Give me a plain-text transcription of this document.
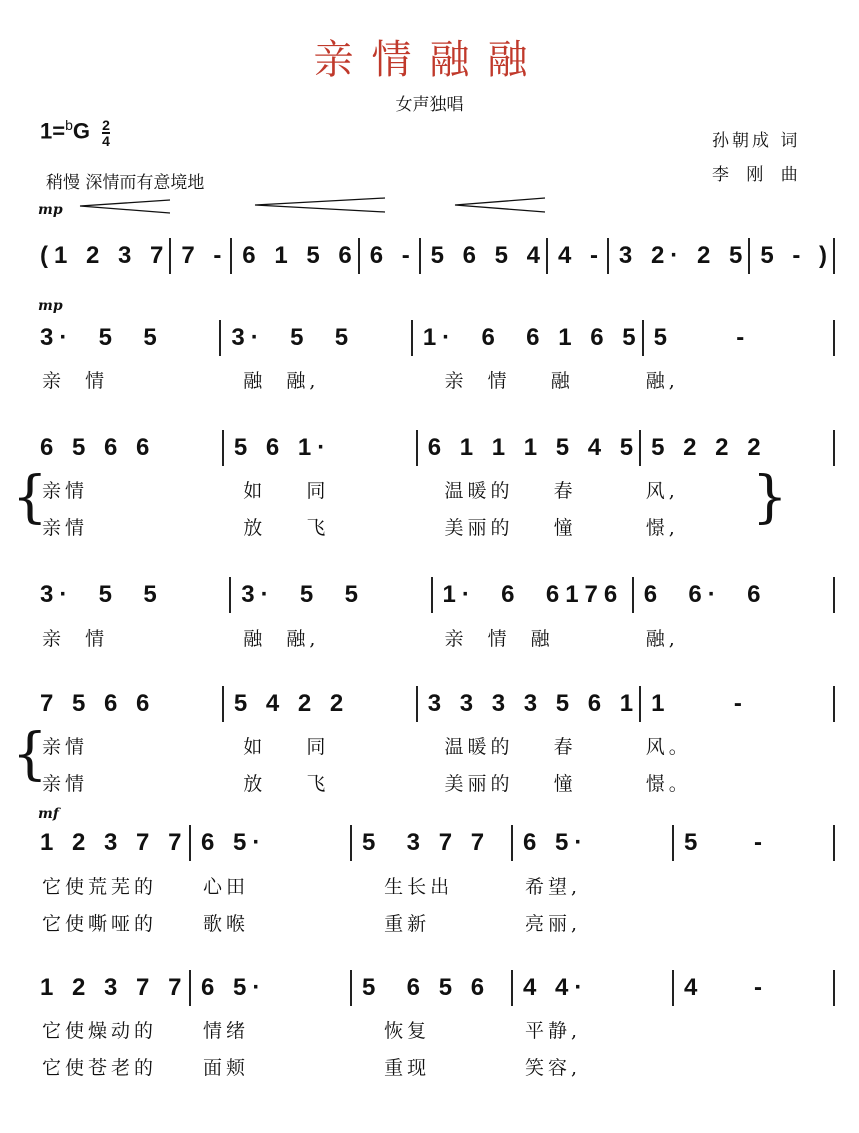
亲情融融
女声独唱
$1=^bG \frac{2}{4}$	孙朝成 词
李 刚 曲
稍慢 深情而有意境地
mp
mp
mf
{	}
{
(1 2 3 7 7 - 6 1 5 6 6 - 5 6 5 4 4 - 3 2· 2 5 5 - )
3·  5  5	3·  5  5	1·  6  6 1 6 5 5     -
亲  情	融  融,	亲  情    融	融,
6 5 6 6	5 6 1·	6 1 1 1 5 4 5 5 2 2 2
亲情	如    同	温暖的    春	风,
亲情	放    飞	美丽的    憧	憬,
3·  5  5	3·  5  5	1·  6  6176 6  6·  6
亲  情	融  融,	亲  情  融	融,
7 5 6 6	5 4 2 2	3 3 3 3 5 6 1 1     -
亲情	如    同	温暖的    春	风。
亲情	放    飞	美丽的    憧	憬。
1 2 3 7 7 6 5·	5  3 7 7 6 5·	5    -
它使荒芜的	心田	生长出	希望,
它使嘶哑的	歌喉	重新	亮丽,
1 2 3 7 7 6 5·	5  6 5 6 4 4·	4    -
它使燥动的	情绪	恢复	平静,
它使苍老的	面颊	重现	笑容,
